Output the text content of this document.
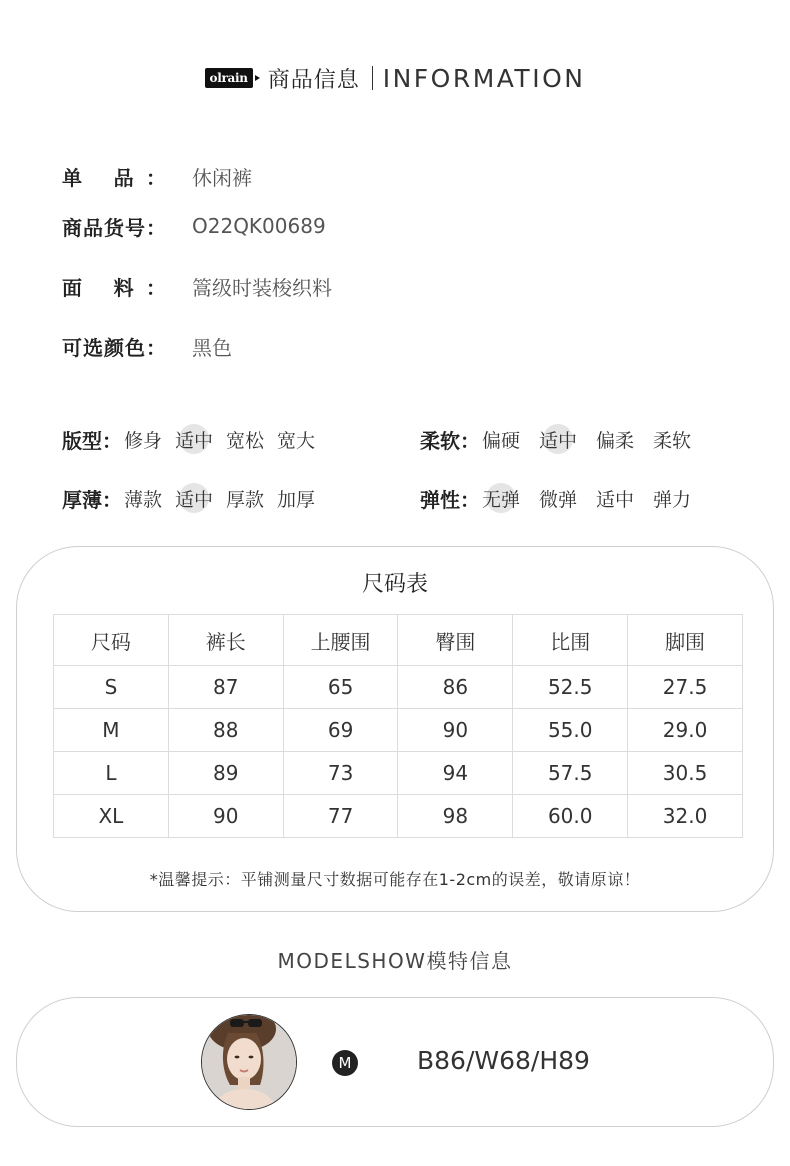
olrain 商品信息 INFORMATION
单 品： 休闲裤
商品货号： O22QK00689
面 料： 篙级时装梭织料
可选颜色： 黑色
版型： 修身 适中 宽松 宽大	柔软： 偏硬 适中 偏柔 柔软
厚薄： 薄款 适中 厚款 加厚	弹性： 无弹 微弹 适中 弹力
尺码表
尺码	裤长	上腰围	臀围	比围	脚围
S	87	65	86	52.5	27.5
M	88	69	90	55.0	29.0
L	89	73	94	57.5	30.5
XL	90	77	98	60.0	32.0
*温馨提示：平铺测量尺寸数据可能存在1-2cm的误差，敬请原谅！
MODELSHOW模特信息
M	B86/W68/H89
